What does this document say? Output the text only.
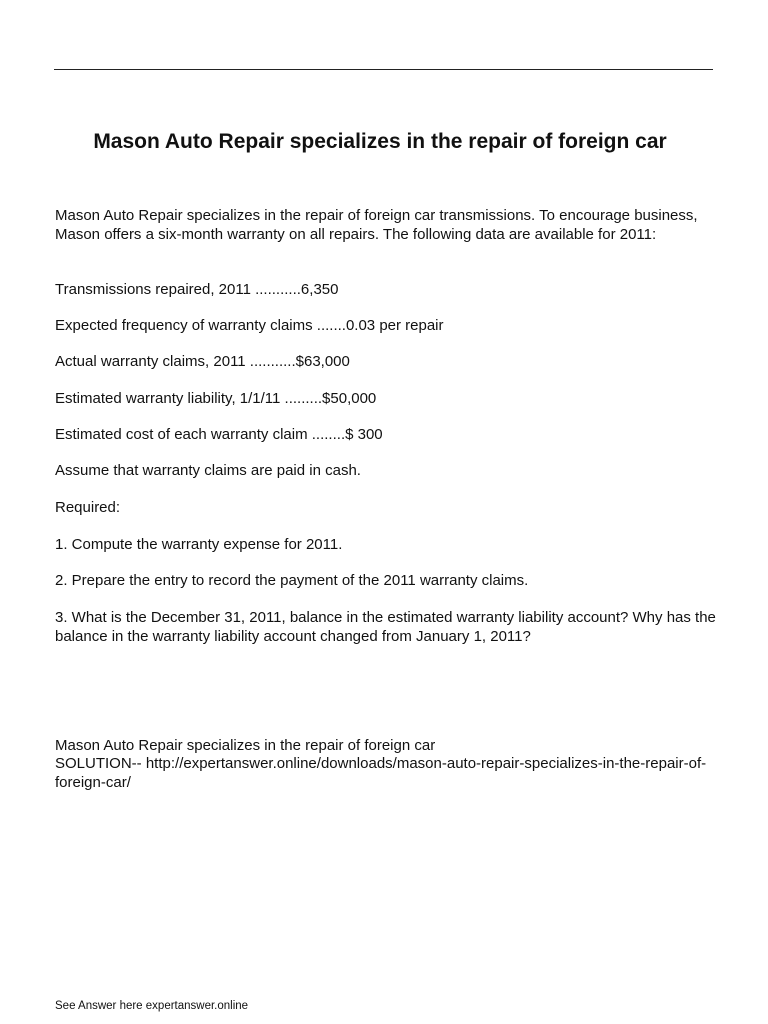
Mason Auto Repair specializes in the repair of foreign car

Mason Auto Repair specializes in the repair of foreign car transmissions. To encourage business, Mason offers a six-month warranty on all repairs. The following data are available for 2011:

Transmissions repaired, 2011 ...........6,350

Expected frequency of warranty claims .......0.03 per repair

Actual warranty claims, 2011 ...........$63,000

Estimated warranty liability, 1/1/11 .........$50,000

Estimated cost of each warranty claim ........$ 300

Assume that warranty claims are paid in cash.

Required:

1. Compute the warranty expense for 2011.

2. Prepare the entry to record the payment of the 2011 warranty claims.

3. What is the December 31, 2011, balance in the estimated warranty liability account? Why has the balance in the warranty liability account changed from January 1, 2011?

Mason Auto Repair specializes in the repair of foreign car

SOLUTION-- http://expertanswer.online/downloads/mason-auto-repair-specializes-in-the-repair-of-foreign-car/

See Answer here expertanswer.online
